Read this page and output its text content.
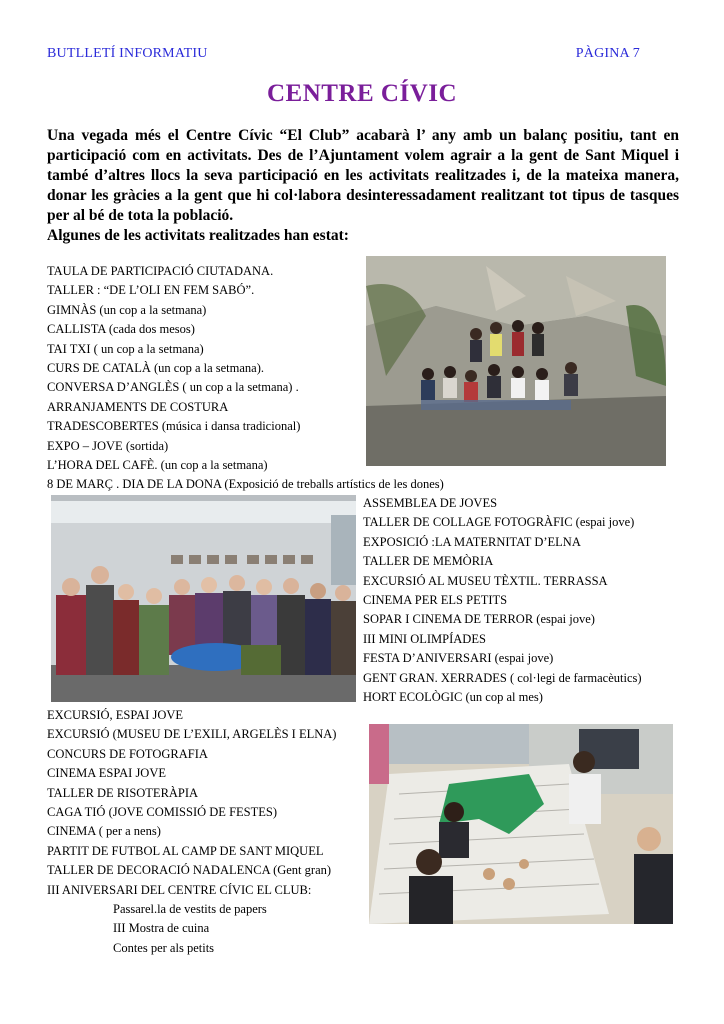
BUTLLETÍ INFORMATIU	PÀGINA 7
CENTRE CÍVIC

Una vegada més el Centre Cívic “El Club” acabarà l’ any amb un balanç positiu, tant en participació com en activitats. Des de l’Ajuntament volem agrair a la gent de Sant Miquel i també d’altres llocs la seva participació en les activitats realitzades i, de la mateixa manera, donar les gràcies a la gent que hi col·labora desinteressadament realitzant tot tipus de tasques per al bé de tota la població.

Algunes de les activitats realitzades han estat:

TAULA DE PARTICIPACIÓ CIUTADANA.
TALLER : “DE L’OLI EN FEM SABÓ”.
GIMNÀS (un cop a la setmana)
CALLISTA (cada dos mesos)
TAI TXI ( un cop a la setmana)
CURS DE CATALÀ (un cop a la setmana).
CONVERSA D’ANGLÈS ( un cop a la setmana) .
ARRANJAMENTS DE COSTURA
TRADESCOBERTES (música i dansa tradicional)
EXPO – JOVE (sortida)
L’HORA DEL CAFÈ. (un cop a la setmana)
8 DE MARÇ . DIA DE LA DONA (Exposició de treballs artístics de les dones)
ASSEMBLEA DE JOVES
TALLER DE COLLAGE FOTOGRÀFIC (espai jove)
EXPOSICIÓ :LA MATERNITAT D’ELNA
TALLER DE MEMÒRIA
EXCURSIÓ AL MUSEU TÈXTIL. TERRASSA
CINEMA PER ELS PETITS
SOPAR I CINEMA DE TERROR (espai jove)
III MINI OLIMPÍADES
FESTA D’ANIVERSARI (espai jove)
GENT GRAN. XERRADES ( col·legi de farmacèutics)
HORT ECOLÒGIC (un cop al mes)
EXCURSIÓ, ESPAI JOVE
EXCURSIÓ (MUSEU DE L’EXILI, ARGELÈS I ELNA)
CONCURS DE FOTOGRAFIA
CINEMA ESPAI JOVE
TALLER DE RISOTERÀPIA
CAGA TIÓ (JOVE COMISSIÓ DE FESTES)
CINEMA ( per a nens)
PARTIT DE FUTBOL AL CAMP DE SANT MIQUEL
TALLER DE DECORACIÓ NADALENCA (Gent gran)
III ANIVERSARI DEL CENTRE CÍVIC EL CLUB:
Passarel.la de vestits de papers
III Mostra de cuina
Contes per als petits
